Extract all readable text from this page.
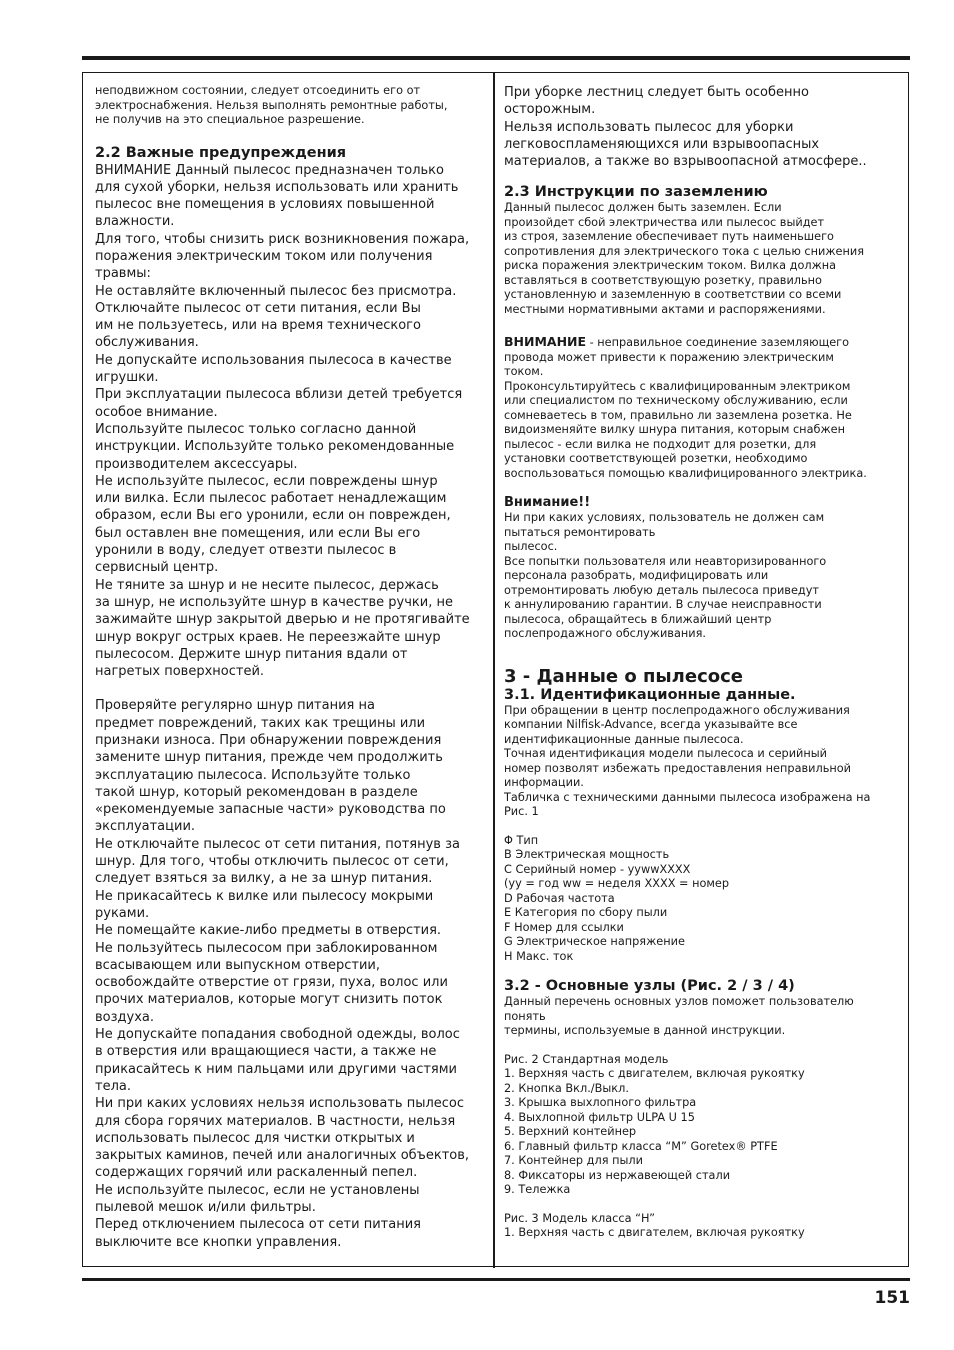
неподвижном состоянии, следует отсоединить его от
электроснабжения. Нельзя выполнять ремонтные работы,
не получив на это специальное разрешение.

2.2 Важные предупреждения

ВНИМАНИЕ Данный пылесос предназначен только
для сухой уборки, нельзя использовать или хранить
пылесос вне помещения в условиях повышенной
влажности.
Для того, чтобы снизить риск возникновения пожара,
поражения электрическим током или получения
травмы:
Не оставляйте включенный пылесос без присмотра.
Отключайте пылесос от сети питания, если Вы
им не пользуетесь, или на время технического
обслуживания.
Не допускайте использования пылесоса в качестве
игрушки.
При эксплуатации пылесоса вблизи детей требуется
особое внимание.
Используйте пылесос только согласно данной
инструкции. Используйте только рекомендованные
производителем аксессуары.
Не используйте пылесос, если повреждены шнур
или вилка. Если пылесос работает ненадлежащим
образом, если Вы его уронили, если он поврежден,
был оставлен вне помещения, или если Вы его
уронили в воду, следует отвезти пылесос в
сервисный центр.
Не тяните за шнур и не несите пылесос, держась
за шнур, не используйте шнур в качестве ручки, не
зажимайте шнур закрытой дверью и не протягивайте
шнур вокруг острых краев. Не переезжайте шнур
пылесосом. Держите шнур питания вдали от
нагретых поверхностей.

Проверяйте регулярно шнур питания на
предмет повреждений, таких как трещины или
признаки износа. При обнаружении повреждения
замените шнур питания, прежде чем продолжить
эксплуатацию пылесоса. Используйте только
такой шнур, который рекомендован в разделе
«рекомендуемые запасные части» руководства по
эксплуатации.
Не отключайте пылесос от сети питания, потянув за
шнур. Для того, чтобы отключить пылесос от сети,
следует взяться за вилку, а не за шнур питания.
Не прикасайтесь к вилке или пылесосу мокрыми
руками.
Не помещайте какие-либо предметы в отверстия.
Не пользуйтесь пылесосом при заблокированном
всасывающем или выпускном отверстии,
освобождайте отверстие от грязи, пуха, волос или
прочих материалов, которые могут снизить поток
воздуха.
Не допускайте попадания свободной одежды, волос
в отверстия или вращающиеся части, а также не
прикасайтесь к ним пальцами или другими частями
тела.
Ни при каких условиях нельзя использовать пылесос
для сбора горячих материалов. В частности, нельзя
использовать пылесос для чистки открытых и
закрытых каминов, печей или аналогичных объектов,
содержащих горячий или раскаленный пепел.
Не используйте пылесос, если не установлены
пылевой мешок и/или фильтры.
Перед отключением пылесоса от сети питания
выключите все кнопки управления.

При уборке лестниц следует быть особенно
осторожным.
Нельзя использовать пылесос для уборки
легковоспламеняющихся или взрывоопасных
материалов, а также во взрывоопасной атмосфере..

2.3 Инструкции по заземлению

Данный пылесос должен быть заземлен. Если
произойдет сбой электричества или пылесос выйдет
из строя, заземление обеспечивает путь наименьшего
сопротивления для электрического тока с целью снижения
риска поражения электрическим током. Вилка должна
вставляться в соответствующую розетку, правильно
установленную и заземленную в соответствии со всеми
местными нормативными актами и распоряжениями.

ВНИМАНИЕ - неправильное соединение заземляющего
провода может привести к поражению электрическим
током.
Проконсультируйтесь с квалифицированным электриком
или специалистом по техническому обслуживанию, если
сомневаетесь в том, правильно ли заземлена розетка. Не
видоизменяйте вилку шнура питания, которым снабжен
пылесос - если вилка не подходит для розетки, для
установки соответствующей розетки, необходимо
воспользоваться помощью квалифицированного электрика.

Внимание!!

Ни при каких условиях, пользователь не должен сам
пытаться ремонтировать
пылесос.
Все попытки пользователя или неавторизированного
персонала разобрать, модифицировать или
отремонтировать любую деталь пылесоса приведут
к аннулированию гарантии. В случае неисправности
пылесоса, обращайтесь в ближайший центр
послепродажного обслуживания.

3 - Данные о пылесосе

3.1. Идентификационные данные.

При обращении в центр послепродажного обслуживания
компании Nilfisk-Advance, всегда указывайте все
идентификационные данные пылесоса.
Точная идентификация модели пылесоса и серийный
номер позволят избежать предоставления неправильной
информации.
Табличка с техническими данными пылесоса изображена на
Рис. 1

Φ Тип
В Электрическая мощность
С Серийный номер - yywwXXXX
(yy = год ww = неделя XXXX = номер
D Рабочая частота
E Категория по сбору пыли
F Номер для ссылки
G Электрическое напряжение
H Макс. ток

3.2 - Основные узлы (Рис. 2 / 3 / 4)

Данный перечень основных узлов поможет пользователю
понять
термины, используемые в данной инструкции.

Рис. 2 Стандартная модель
1. Верхняя часть с двигателем, включая рукоятку
2. Кнопка Вкл./Выкл.
3. Крышка выхлопного фильтра
4. Выхлопной фильтр ULPA U 15
5. Верхний контейнер
6. Главный фильтр класса “M” Goretex® PTFE
7. Контейнер для пыли
8. Фиксаторы из нержавеющей стали
9. Тележка

Рис. 3 Модель класса “H”
1. Верхняя часть с двигателем, включая рукоятку

151
